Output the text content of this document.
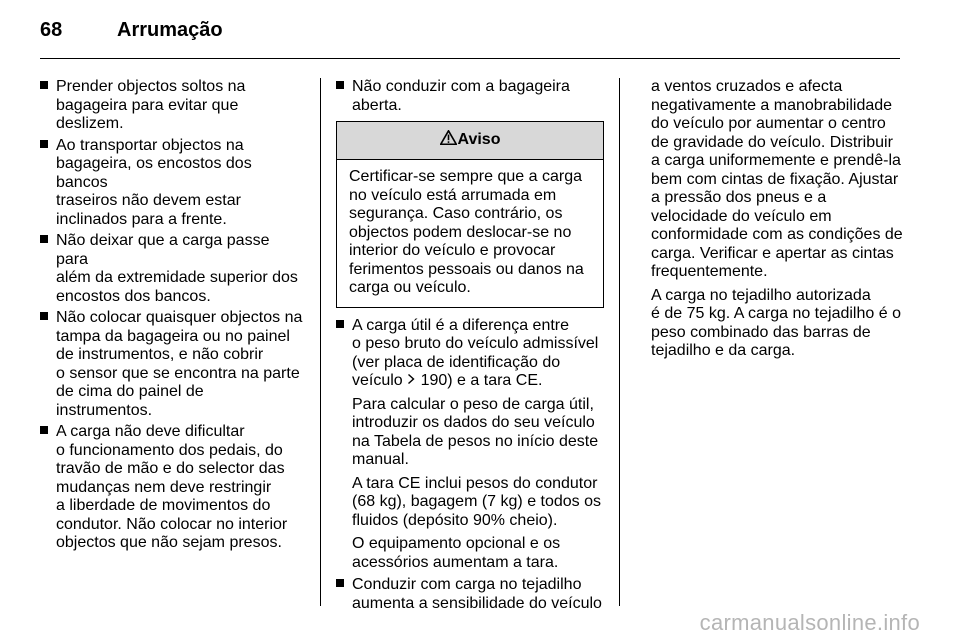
68	Arrumação
Prender objectos soltos na
bagageira para evitar que
deslizem.
Ao transportar objectos na
bagageira, os encostos dos bancos
traseiros não devem estar
inclinados para a frente.
Não deixar que a carga passe para
além da extremidade superior dos
encostos dos bancos.
Não colocar quaisquer objectos na
tampa da bagageira ou no painel
de instrumentos, e não cobrir
o sensor que se encontra na parte
de cima do painel de instrumentos.
A carga não deve dificultar
o funcionamento dos pedais, do
travão de mão e do selector das
mudanças nem deve restringir
a liberdade de movimentos do
condutor. Não colocar no interior
objectos que não sejam presos.
Não conduzir com a bagageira
aberta.
Aviso
Certificar-se sempre que a carga
no veículo está arrumada em
segurança. Caso contrário, os
objectos podem deslocar-se no
interior do veículo e provocar
ferimentos pessoais ou danos na
carga ou veículo.
A carga útil é a diferença entre
o peso bruto do veículo admissível
(ver placa de identificação do
veículo  190) e a tara CE.
Para calcular o peso de carga útil,
introduzir os dados do seu veículo
na Tabela de pesos no início deste
manual.
A tara CE inclui pesos do condutor
(68 kg), bagagem (7 kg) e todos os
fluidos (depósito 90% cheio).
O equipamento opcional e os
acessórios aumentam a tara.
Conduzir com carga no tejadilho
aumenta a sensibilidade do veículo
a ventos cruzados e afecta
negativamente a manobrabilidade
do veículo por aumentar o centro
de gravidade do veículo. Distribuir
a carga uniformemente e prendê-la
bem com cintas de fixação. Ajustar
a pressão dos pneus e a
velocidade do veículo em
conformidade com as condições de
carga. Verificar e apertar as cintas
frequentemente.
A carga no tejadilho autorizada
é de 75 kg. A carga no tejadilho é o
peso combinado das barras de
tejadilho e da carga.
carmanualsonline.info
